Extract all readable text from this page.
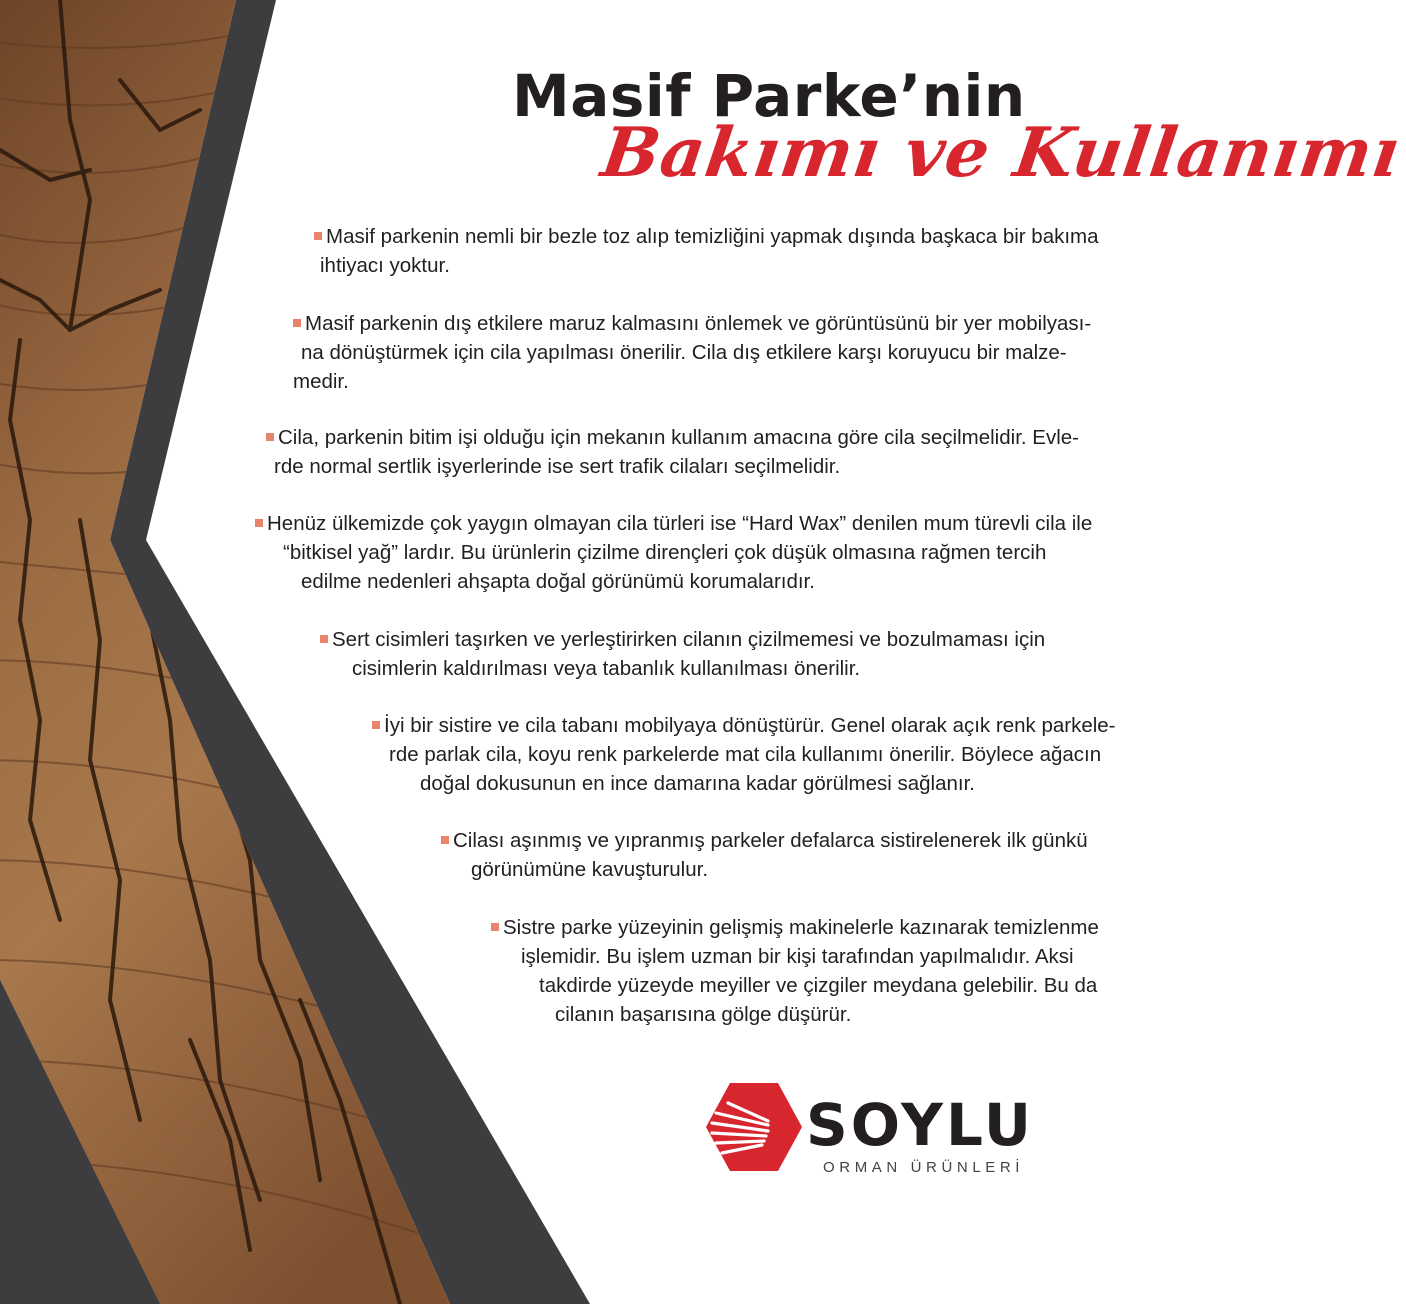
Masif Parke’nin
Bakımı ve Kullanımı
Masif parkenin nemli bir bezle toz alıp temizliğini yapmak dışında başkaca bir bakıma
ihtiyacı yoktur.
Masif parkenin dış etkilere maruz kalmasını önlemek ve görüntüsünü bir yer mobilyası-
na dönüştürmek için cila yapılması önerilir. Cila dış etkilere karşı koruyucu bir malze-
medir.
Cila, parkenin bitim işi olduğu için mekanın kullanım amacına göre cila seçilmelidir. Evle-
rde normal sertlik işyerlerinde ise sert trafik cilaları seçilmelidir.
Henüz ülkemizde çok yaygın olmayan cila türleri ise “Hard Wax” denilen mum türevli cila ile
“bitkisel yağ” lardır. Bu ürünlerin çizilme dirençleri çok düşük olmasına rağmen tercih
edilme nedenleri ahşapta doğal görünümü korumalarıdır.
Sert cisimleri taşırken ve yerleştirirken cilanın çizilmemesi ve bozulmaması için
cisimlerin kaldırılması veya tabanlık kullanılması önerilir.
İyi bir sistire ve cila tabanı mobilyaya dönüştürür. Genel olarak açık renk parkele-
rde parlak cila, koyu renk parkelerde mat cila kullanımı önerilir. Böylece ağacın
doğal dokusunun en ince damarına kadar görülmesi sağlanır.
Cilası aşınmış ve yıpranmış parkeler defalarca sistirelenerek ilk günkü
görünümüne kavuşturulur.
Sistre parke yüzeyinin gelişmiş makinelerle kazınarak temizlenme
işlemidir. Bu işlem uzman bir kişi tarafından yapılmalıdır. Aksi
takdirde yüzeyde meyiller ve çizgiler meydana gelebilir. Bu da
cilanın başarısına gölge düşürür.
SOYLU
ORMAN ÜRÜNLERİ
